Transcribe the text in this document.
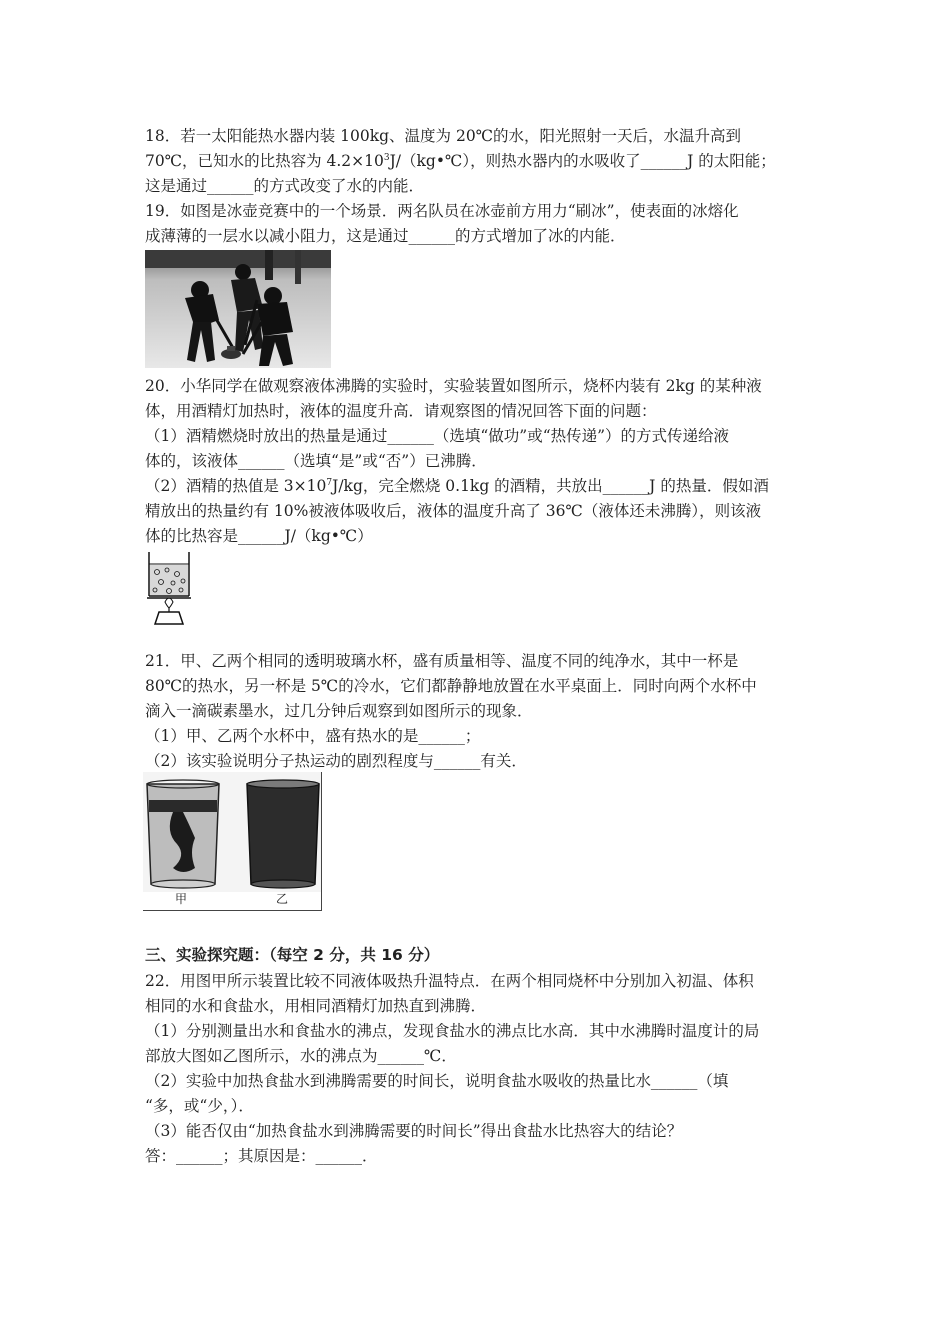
18．若一太阳能热水器内装 100kg、温度为 20℃的水，阳光照射一天后，水温升高到
70℃，已知水的比热容为 $4.2\times 10^3J/(kg•℃)$，则热水器内的水吸收了______J 的太阳能；
这是通过______的方式改变了水的内能．
19．如图是冰壶竞赛中的一个场景．两名队员在冰壶前方用力“刷冰”，使表面的冰熔化
成薄薄的一层水以减小阻力，这是通过______的方式增加了冰的内能．
20．小华同学在做观察液体沸腾的实验时，实验装置如图所示，烧杯内装有 2kg 的某种液
体，用酒精灯加热时，液体的温度升高．请观察图的情况回答下面的问题：
（1）酒精燃烧时放出的热量是通过______（选填“做功”或“热传递”）的方式传递给液
体的，该液体______（选填“是”或“否”）已沸腾．
（2）酒精的热值是 $3\times 10^7J/kg$，完全燃烧 0.1kg 的酒精，共放出______J 的热量．假如酒
精放出的热量约有 10%被液体吸收后，液体的温度升高了 36℃（液体还未沸腾），则该液
体的比热容是______J/（kg•℃）
21．甲、乙两个相同的透明玻璃水杯，盛有质量相等、温度不同的纯净水，其中一杯是
80℃的热水，另一杯是 5℃的冷水，它们都静静地放置在水平桌面上．同时向两个水杯中
滴入一滴碳素墨水，过几分钟后观察到如图所示的现象．
（1）甲、乙两个水杯中，盛有热水的是______；
（2）该实验说明分子热运动的剧烈程度与______有关．
甲	乙
三、实验探究题：（每空 2 分，共 16 分）
22．用图甲所示装置比较不同液体吸热升温特点．在两个相同烧杯中分别加入初温、体积
相同的水和食盐水，用相同酒精灯加热直到沸腾．
（1）分别测量出水和食盐水的沸点，发现食盐水的沸点比水高．其中水沸腾时温度计的局
部放大图如乙图所示，水的沸点为______℃．
（2）实验中加热食盐水到沸腾需要的时间长，说明食盐水吸收的热量比水______（填
“多，或“少，）．
（3）能否仅由“加热食盐水到沸腾需要的时间长”得出食盐水比热容大的结论？
答：______；其原因是：______．
